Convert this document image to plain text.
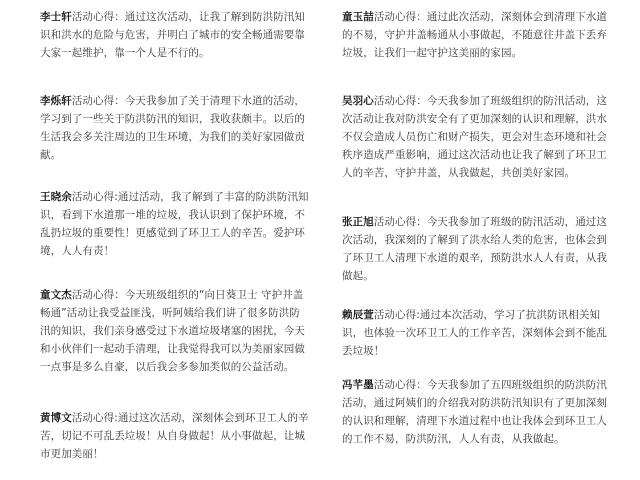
李士轩活动心得：通过这次活动，让我了解到防洪防汛知识和洪水的危险与危害，并明白了城市的安全畅通需要靠大家一起维护，靠一个人是不行的。
李烁轩活动心得：今天我参加了关于清理下水道的活动，学习到了一些关于防洪防汛的知识，我收获颇丰。以后的生活我会多关注周边的卫生环境，为我们的美好家园做贡献。
王晓余活动心得:通过活动，我了解到了丰富的防洪防汛知识，看到下水道那一堆的垃圾，我认识到了保护环境，不乱扔垃圾的重要性！更感觉到了环卫工人的辛苦。爱护环境，人人有责！
童文杰活动心得：今天班级组织的“向日葵卫士 守护井盖畅通”活动让我受益匪浅，听阿姨给我们讲了很多防洪防汛的知识，我们亲身感受过下水道垃圾堵塞的困扰，今天和小伙伴们一起动手清理，让我觉得我可以为美丽家园做一点事是多么自豪，以后我会多参加类似的公益活动。
黄博文活动心得:通过这次活动，深刻体会到环卫工人的辛苦，切记不可乱丢垃圾！从自身做起！从小事做起，让城市更加美丽！
童玉喆活动心得：通过此次活动，深刻体会到清理下水道的不易，守护井盖畅通从小事做起，不随意往井盖下丢弃垃圾，让我们一起守护这美丽的家园。
吴羽心活动心得：今天我参加了班级组织的防汛活动，这次活动让我对防洪安全有了更加深刻的认识和理解，洪水不仅会造成人员伤亡和财产损失，更会对生态环境和社会秩序造成严重影响，通过这次活动也让我了解到了环卫工人的辛苦，守护井盖，从我做起，共创美好家园。
张正旭活动心得：今天我参加了班级的防汛活动，通过这次活动，我深刻的了解到了洪水给人类的危害，也体会到了环卫工人清理下水道的艰辛，预防洪水人人有责，从我做起。
赖辰萱活动心得:通过本次活动，学习了抗洪防讯相关知识，也体验一次环卫工人的工作辛苦，深刻体会到不能乱丢垃圾！
冯芊墨活动心得：今天我参加了五四班级组织的防洪防汛活动，通过阿姨们的介绍我对防洪防汛知识有了更加深刻的认识和理解，清理下水道过程中也让我体会到环卫工人的工作不易，防洪防汛，人人有责，从我做起。
